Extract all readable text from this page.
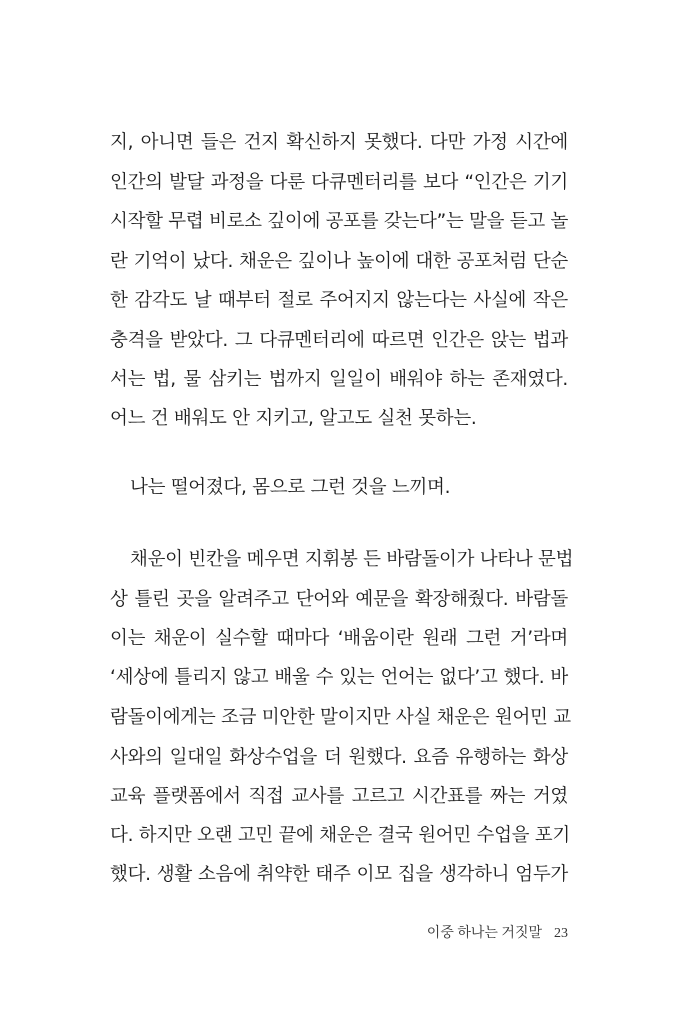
지, 아니면 들은 건지 확신하지 못했다. 다만 가정 시간에
인간의 발달 과정을 다룬 다큐멘터리를 보다 “인간은 기기
시작할 무렵 비로소 깊이에 공포를 갖는다”는 말을 듣고 놀
란 기억이 났다. 채운은 깊이나 높이에 대한 공포처럼 단순
한 감각도 날 때부터 절로 주어지지 않는다는 사실에 작은
충격을 받았다. 그 다큐멘터리에 따르면 인간은 앉는 법과
서는 법, 물 삼키는 법까지 일일이 배워야 하는 존재였다.
어느 건 배워도 안 지키고, 알고도 실천 못하는.
나는 떨어졌다, 몸으로 그런 것을 느끼며.
채운이 빈칸을 메우면 지휘봉 든 바람돌이가 나타나 문법
상 틀린 곳을 알려주고 단어와 예문을 확장해줬다. 바람돌
이는 채운이 실수할 때마다 ‘배움이란 원래 그런 거’라며
‘세상에 틀리지 않고 배울 수 있는 언어는 없다’고 했다. 바
람돌이에게는 조금 미안한 말이지만 사실 채운은 원어민 교
사와의 일대일 화상수업을 더 원했다. 요즘 유행하는 화상
교육 플랫폼에서 직접 교사를 고르고 시간표를 짜는 거였
다. 하지만 오랜 고민 끝에 채운은 결국 원어민 수업을 포기
했다. 생활 소음에 취약한 태주 이모 집을 생각하니 엄두가
이중 하나는 거짓말 23
